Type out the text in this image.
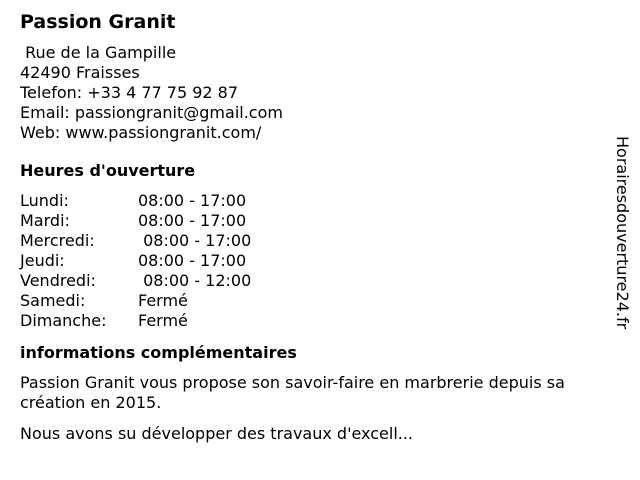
Passion Granit
Rue de la Gampille
42490 Fraisses
Telefon: +33 4 77 75 92 87
Email: passiongranit@gmail.com
Web: www.passiongranit.com/
Heures d'ouverture
Lundi:	08:00 - 17:00
Mardi:	08:00 - 17:00
Mercredi:	08:00 - 17:00
Jeudi:	08:00 - 17:00
Vendredi:	08:00 - 12:00
Samedi:	Fermé
Dimanche:	Fermé
informations complémentaires

Passion Granit vous propose son savoir-faire en marbrerie depuis sa création en 2015.

Nous avons su développer des travaux d'excell...

Horairesdouverture24.fr
